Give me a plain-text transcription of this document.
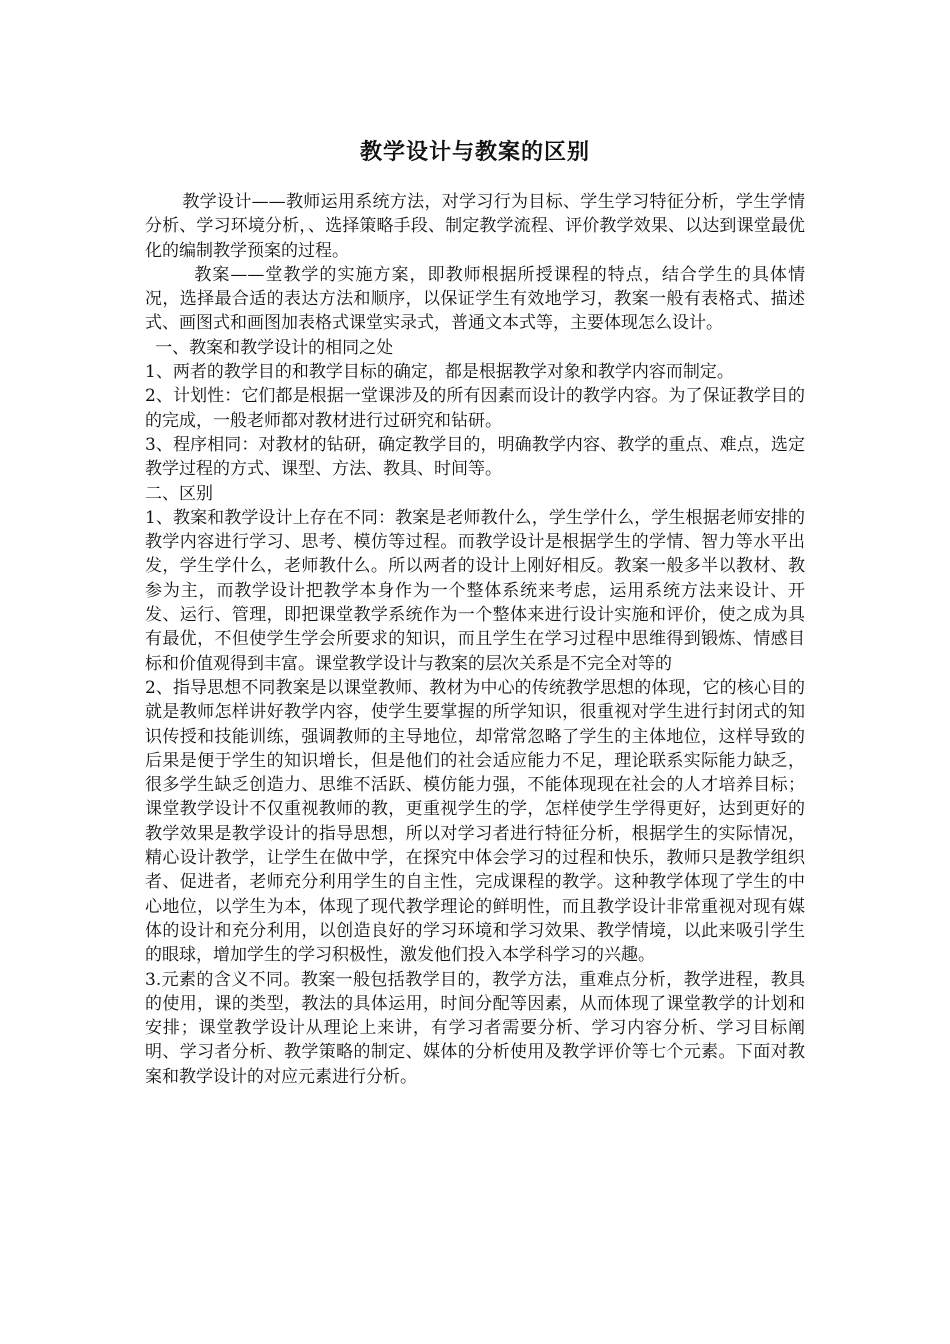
教学设计与教案的区别

教学设计——教师运用系统方法，对学习行为目标、学生学习特征分析，学生学情分析、学习环境分析，、选择策略手段、制定教学流程、评价教学效果、以达到课堂最优化的编制教学预案的过程。

教案——堂教学的实施方案，即教师根据所授课程的特点，结合学生的具体情况，选择最合适的表达方法和顺序，以保证学生有效地学习，教案一般有表格式、描述式、画图式和画图加表格式课堂实录式，普通文本式等，主要体现怎么设计。

一、教案和教学设计的相同之处

1、两者的教学目的和教学目标的确定，都是根据教学对象和教学内容而制定。

2、计划性：它们都是根据一堂课涉及的所有因素而设计的教学内容。为了保证教学目的的完成，一般老师都对教材进行过研究和钻研。

3、程序相同：对教材的钻研，确定教学目的，明确教学内容、教学的重点、难点，选定教学过程的方式、课型、方法、教具、时间等。

二、区别

1、教案和教学设计上存在不同：教案是老师教什么，学生学什么，学生根据老师安排的教学内容进行学习、思考、模仿等过程。而教学设计是根据学生的学情、智力等水平出发，学生学什么，老师教什么。所以两者的设计上刚好相反。教案一般多半以教材、教参为主，而教学设计把教学本身作为一个整体系统来考虑，运用系统方法来设计、开发、运行、管理，即把课堂教学系统作为一个整体来进行设计实施和评价，使之成为具有最优，不但使学生学会所要求的知识，而且学生在学习过程中思维得到锻炼、情感目标和价值观得到丰富。课堂教学设计与教案的层次关系是不完全对等的

2、指导思想不同教案是以课堂教师、教材为中心的传统教学思想的体现，它的核心目的就是教师怎样讲好教学内容，使学生要掌握的所学知识，很重视对学生进行封闭式的知识传授和技能训练，强调教师的主导地位，却常常忽略了学生的主体地位，这样导致的后果是便于学生的知识增长，但是他们的社会适应能力不足，理论联系实际能力缺乏，很多学生缺乏创造力、思维不活跃、模仿能力强，不能体现现在社会的人才培养目标；课堂教学设计不仅重视教师的教，更重视学生的学，怎样使学生学得更好，达到更好的教学效果是教学设计的指导思想，所以对学习者进行特征分析，根据学生的实际情况，精心设计教学，让学生在做中学，在探究中体会学习的过程和快乐，教师只是教学组织者、促进者，老师充分利用学生的自主性，完成课程的教学。这种教学体现了学生的中心地位，以学生为本，体现了现代教学理论的鲜明性，而且教学设计非常重视对现有媒体的设计和充分利用，以创造良好的学习环境和学习效果、教学情境，以此来吸引学生的眼球，增加学生的学习积极性，激发他们投入本学科学习的兴趣。

3.元素的含义不同。教案一般包括教学目的，教学方法，重难点分析，教学进程，教具的使用，课的类型，教法的具体运用，时间分配等因素，从而体现了课堂教学的计划和安排；课堂教学设计从理论上来讲，有学习者需要分析、学习内容分析、学习目标阐明、学习者分析、教学策略的制定、媒体的分析使用及教学评价等七个元素。下面对教案和教学设计的对应元素进行分析。
